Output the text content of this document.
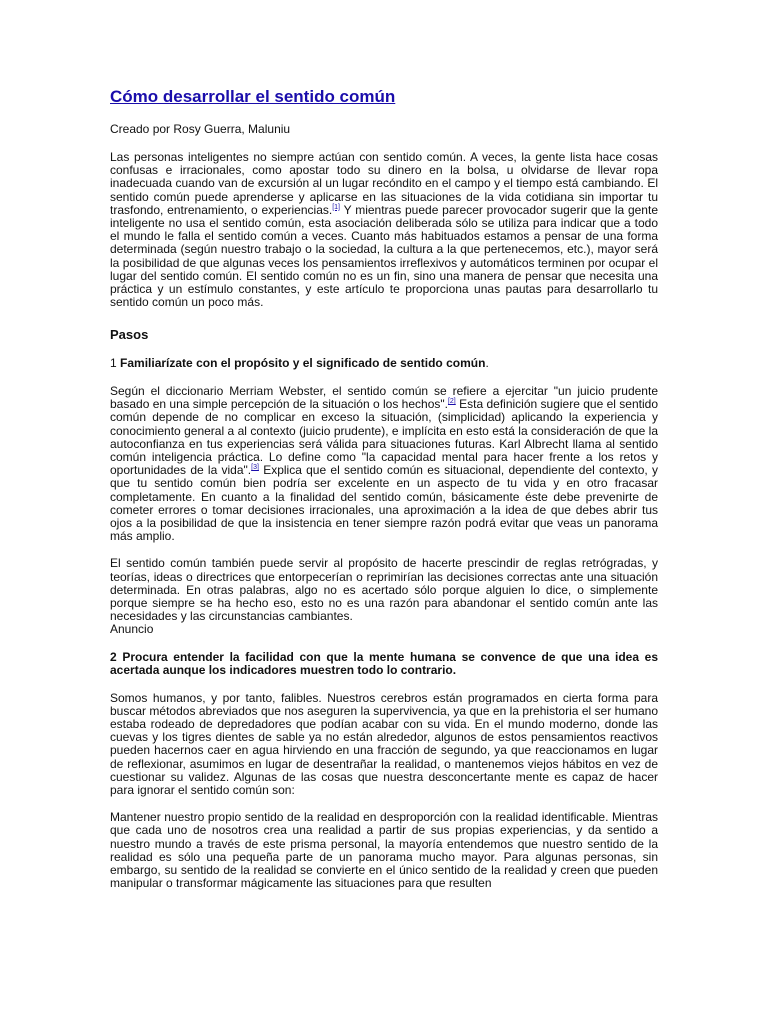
Cómo desarrollar el sentido común
Creado por Rosy Guerra, Maluniu

Las personas inteligentes no siempre actúan con sentido común. A veces, la gente lista hace cosas confusas e irracionales, como apostar todo su dinero en la bolsa, u olvidarse de llevar ropa inadecuada cuando van de excursión al un lugar recóndito en el campo y el tiempo está cambiando. El sentido común puede aprenderse y aplicarse en las situaciones de la vida cotidiana sin importar tu trasfondo, entrenamiento, o experiencias.[1] Y mientras puede parecer provocador sugerir que la gente inteligente no usa el sentido común, esta asociación deliberada sólo se utiliza para indicar que a todo el mundo le falla el sentido común a veces. Cuanto más habituados estamos a pensar de una forma determinada (según nuestro trabajo o la sociedad, la cultura a la que pertenecemos, etc.), mayor será la posibilidad de que algunas veces los pensamientos irreflexivos y automáticos terminen por ocupar el lugar del sentido común. El sentido común no es un fin, sino una manera de pensar que necesita una práctica y un estímulo constantes, y este artículo te proporciona unas pautas para desarrollarlo tu sentido común un poco más.

Pasos
1 Familiarízate con el propósito y el significado de sentido común.

Según el diccionario Merriam Webster, el sentido común se refiere a ejercitar "un juicio prudente basado en una simple percepción de la situación o los hechos".[2] Esta definición sugiere que el sentido común depende de no complicar en exceso la situación, (simplicidad) aplicando la experiencia y conocimiento general a al contexto (juicio prudente), e implícita en esto está la consideración de que la autoconfianza en tus experiencias será válida para situaciones futuras. Karl Albrecht llama al sentido común inteligencia práctica. Lo define como "la capacidad mental para hacer frente a los retos y oportunidades de la vida".[3] Explica que el sentido común es situacional, dependiente del contexto, y que tu sentido común bien podría ser excelente en un aspecto de tu vida y en otro fracasar completamente. En cuanto a la finalidad del sentido común, básicamente éste debe prevenirte de cometer errores o tomar decisiones irracionales, una aproximación a la idea de que debes abrir tus ojos a la posibilidad de que la insistencia en tener siempre razón podrá evitar que veas un panorama más amplio.

El sentido común también puede servir al propósito de hacerte prescindir de reglas retrógradas, y teorías, ideas o directrices que entorpecerían o reprimirían las decisiones correctas ante una situación determinada. En otras palabras, algo no es acertado sólo porque alguien lo dice, o simplemente porque siempre se ha hecho eso, esto no es una razón para abandonar el sentido común ante las necesidades y las circunstancias cambiantes.
Anuncio

2 Procura entender la facilidad con que la mente humana se convence de que una idea es acertada aunque los indicadores muestren todo lo contrario.

Somos humanos, y por tanto, falibles. Nuestros cerebros están programados en cierta forma para buscar métodos abreviados que nos aseguren la supervivencia, ya que en la prehistoria el ser humano estaba rodeado de depredadores que podían acabar con su vida. En el mundo moderno, donde las cuevas y los tigres dientes de sable ya no están alrededor, algunos de estos pensamientos reactivos pueden hacernos caer en agua hirviendo en una fracción de segundo, ya que reaccionamos en lugar de reflexionar, asumimos en lugar de desentrañar la realidad, o mantenemos viejos hábitos en vez de cuestionar su validez. Algunas de las cosas que nuestra desconcertante mente es capaz de hacer para ignorar el sentido común son:

Mantener nuestro propio sentido de la realidad en desproporción con la realidad identificable. Mientras que cada uno de nosotros crea una realidad a partir de sus propias experiencias, y da sentido a nuestro mundo a través de este prisma personal, la mayoría entendemos que nuestro sentido de la realidad es sólo una pequeña parte de un panorama mucho mayor. Para algunas personas, sin embargo, su sentido de la realidad se convierte en el único sentido de la realidad y creen que pueden manipular o transformar mágicamente las situaciones para que resulten
